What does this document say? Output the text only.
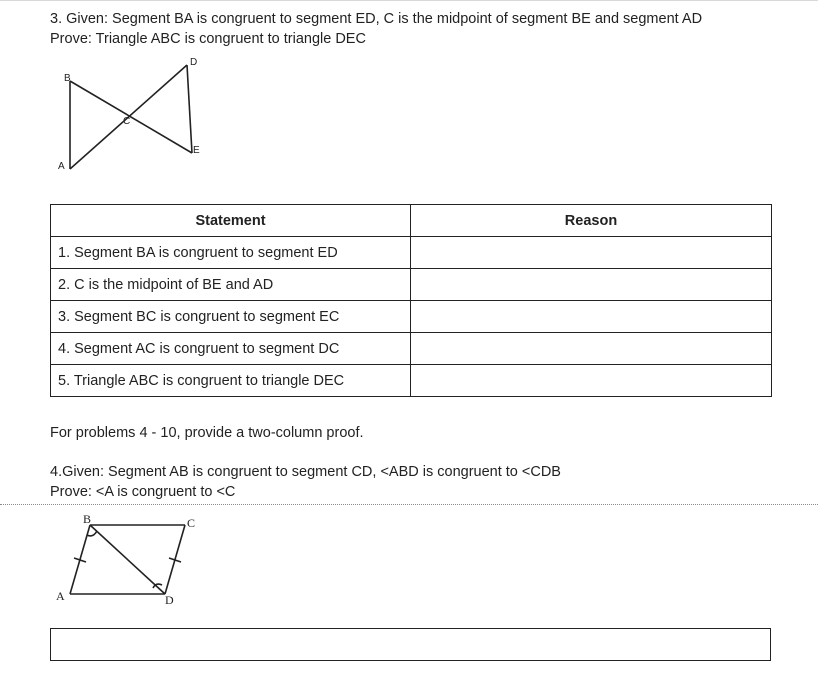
3. Given: Segment BA is congruent to segment ED, C is the midpoint of segment BE and segment AD
Prove: Triangle ABC is congruent to triangle DEC
B
A
C
D
E
Statement	Reason
1. Segment BA is congruent to segment ED	
2. C is the midpoint of BE and AD	
3. Segment BC is congruent to segment EC	
4. Segment AC is congruent to segment DC	
5. Triangle ABC is congruent to triangle DEC	
For problems 4 - 10, provide a two-column proof.
4.Given: Segment AB is congruent to segment CD, <ABD is congruent to <CDB
Prove: <A is congruent to <C
B	C
A	D
